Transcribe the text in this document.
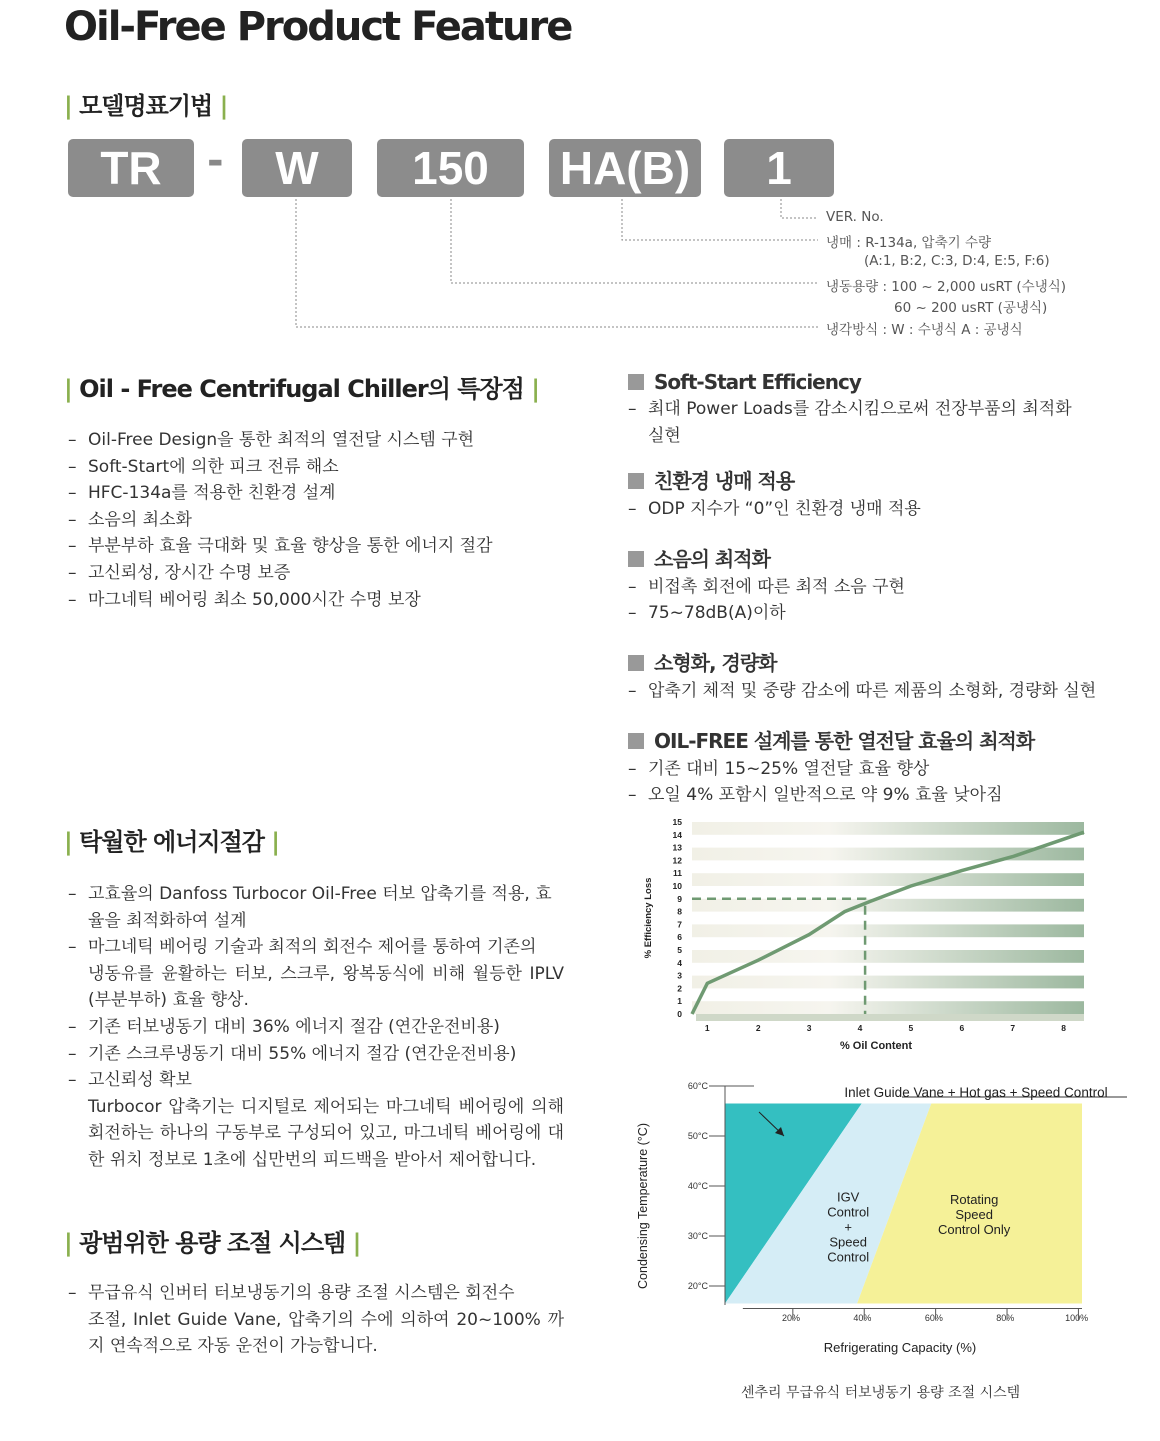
Oil-Free Product Feature
| 모델명표기법 |
TR	-	W	150	HA(B)	1
VER. No.
냉매 : R-134a, 압축기 수량
(A:1, B:2, C:3, D:4, E:5, F:6)
냉동용량 : 100 ~ 2,000 usRT (수냉식)
60 ~ 200 usRT (공냉식)
냉각방식 : W : 수냉식 A : 공냉식
| Oil - Free Centrifugal Chiller의 특장점 |
– Oil-Free Design을 통한 최적의 열전달 시스템 구현
– Soft-Start에 의한 피크 전류 해소
– HFC-134a를 적용한 친환경 설계
– 소음의 최소화
– 부분부하 효율 극대화 및 효율 향상을 통한 에너지 절감
– 고신뢰성, 장시간 수명 보증
– 마그네틱 베어링 최소 50,000시간 수명 보장
Soft-Start Efficiency
– 최대 Power Loads를 감소시킴으로써 전장부품의 최적화
실현
친환경 냉매 적용
– ODP 지수가 “0”인 친환경 냉매 적용
소음의 최적화
– 비접촉 회전에 따른 최적 소음 구현
– 75~78dB(A)이하
소형화, 경량화
– 압축기 체적 및 중량 감소에 따른 제품의 소형화, 경량화 실현
OIL-FREE 설계를 통한 열전달 효율의 최적화
– 기존 대비 15~25% 열전달 효율 향상
– 오일 4% 포함시 일반적으로 약 9% 효율 낮아짐
| 탁월한 에너지절감 |
– 고효율의 Danfoss Turbocor Oil-Free 터보 압축기를 적용, 효
율을 최적화하여 설계
– 마그네틱 베어링 기술과 최적의 회전수 제어를 통하여 기존의
냉동유를 윤활하는 터보, 스크루, 왕복동식에 비해 월등한 IPLV (부분부하) 효율 향상.
– 기존 터보냉동기 대비 36% 에너지 절감 (연간운전비용)
– 기존 스크루냉동기 대비 55% 에너지 절감 (연간운전비용)
– 고신뢰성 확보
Turbocor 압축기는 디지털로 제어되는 마그네틱 베어링에 의해 회전하는 하나의 구동부로 구성되어 있고, 마그네틱 베어링에 대한 위치 정보로 1초에 십만번의 피드백을 받아서 제어합니다.
| 광범위한 용량 조절 시스템 |
– 무급유식 인버터 터보냉동기의 용량 조절 시스템은 회전수
조절, Inlet Guide Vane, 압축기의 수에 의하여 20~100% 까지 연속적으로 자동 운전이 가능합니다.
0
1
2
3
4
5
6
7
8
9
10
11
12
13
14
15
1	2	3	4	5	6	7	8
% Efficiency Loss
% Oil Content
60°C
50°C
40°C
30°C
20°C
20%	40%	60%	80%	100%
Inlet Guide Vane + Hot gas + Speed Control
IGV Control + Speed Control
Rotating Speed Control Only
Condensing Temperature (°C)
Refrigerating Capacity (%)
센추리 무급유식 터보냉동기 용량 조절 시스템
